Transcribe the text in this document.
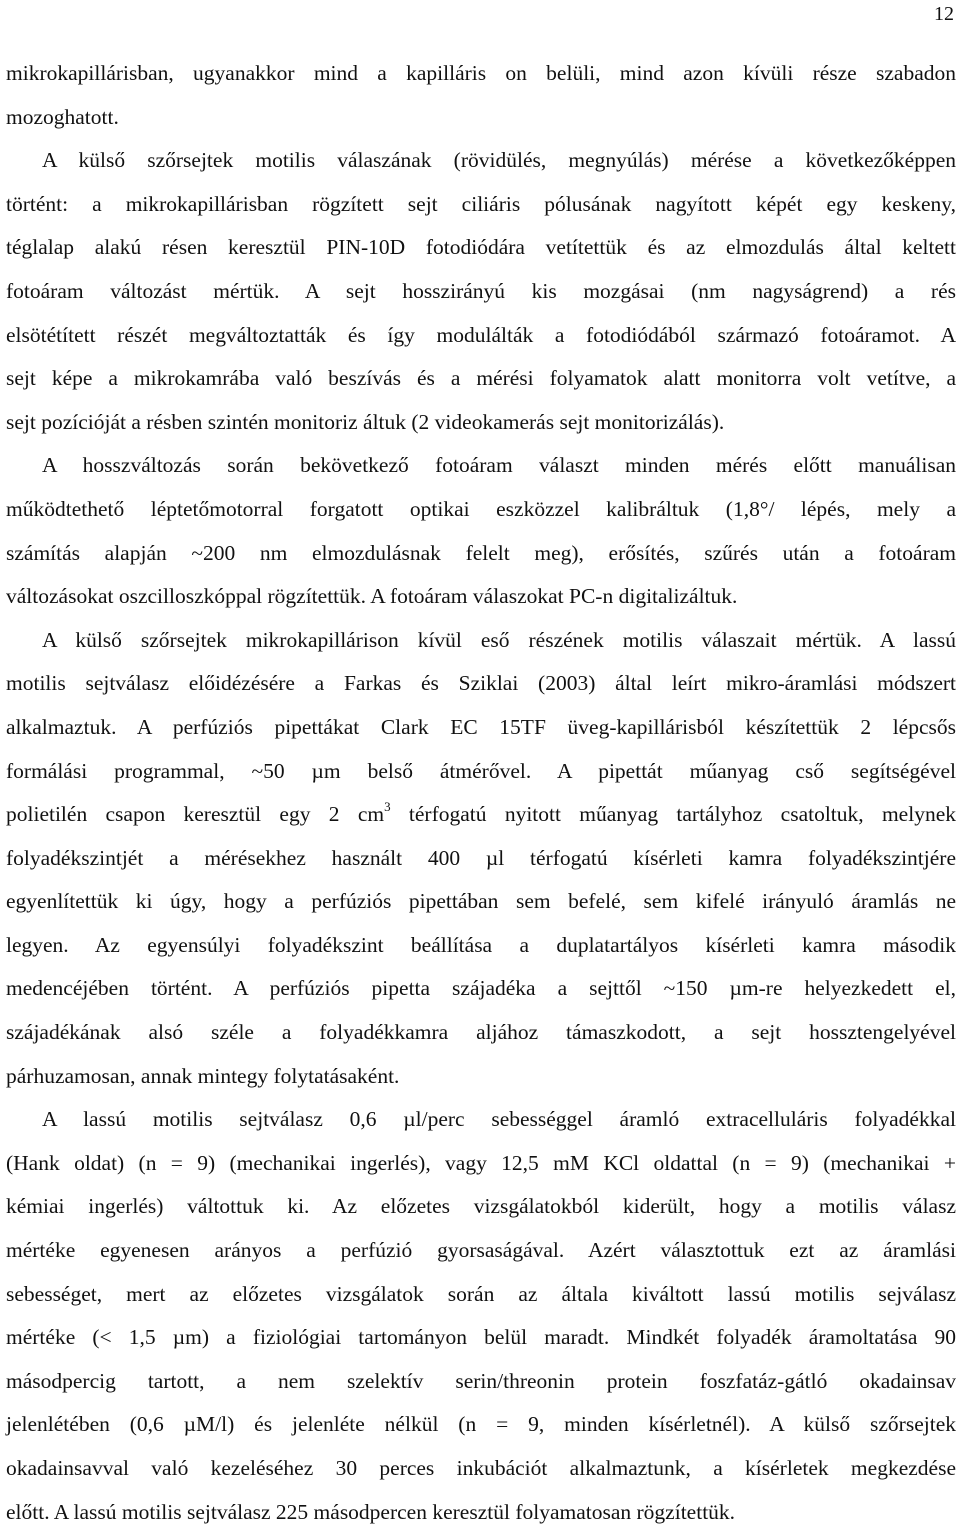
12
mikrokapillárisban, ugyanakkor mind a kapilláris on belüli, mind azon kívüli része szabadon
mozoghatott.
A külső szőrsejtek motilis válaszának (rövidülés, megnyúlás) mérése a következőképpen
történt: a mikrokapillárisban rögzített sejt ciliáris pólusának nagyított képét egy keskeny,
téglalap alakú résen keresztül PIN-10D fotodiódára vetítettük és az elmozdulás által keltett
fotoáram változást mértük. A sejt hosszirányú kis mozgásai (nm nagyságrend) a rés
elsötétített részét megváltoztatták és így modulálták a fotodiódából származó fotoáramot. A
sejt képe a mikrokamrába való beszívás és a mérési folyamatok alatt monitorra volt vetítve, a
sejt pozícióját a résben szintén monitoriz áltuk (2 videokamerás sejt monitorizálás).
A hosszváltozás során bekövetkező fotoáram választ minden mérés előtt manuálisan
működtethető léptetőmotorral forgatott optikai eszközzel kalibráltuk (1,8°/ lépés, mely a
számítás alapján ~200 nm elmozdulásnak felelt meg), erősítés, szűrés után a fotoáram
változásokat oszcilloszkóppal rögzítettük. A fotoáram válaszokat PC-n digitalizáltuk.
A külső szőrsejtek mikrokapillárison kívül eső részének motilis válaszait mértük. A lassú
motilis sejtválasz előidézésére a Farkas és Sziklai (2003) által leírt mikro-áramlási módszert
alkalmaztuk. A perfúziós pipettákat Clark EC 15TF üveg-kapillárisból készítettük 2 lépcsős
formálási programmal, ~50 µm belső átmérővel. A pipettát műanyag cső segítségével
polietilén csapon keresztül egy 2 $cm^3$ térfogatú nyitott műanyag tartályhoz csatoltuk, melynek
folyadékszintjét a mérésekhez használt 400 µl térfogatú kísérleti kamra folyadékszintjére
egyenlítettük ki úgy, hogy a perfúziós pipettában sem befelé, sem kifelé irányuló áramlás ne
legyen. Az egyensúlyi folyadékszint beállítása a duplatartályos kísérleti kamra második
medencéjében történt. A perfúziós pipetta szájadéka a sejttől ~150 µm-re helyezkedett el,
szájadékának alsó széle a folyadékkamra aljához támaszkodott, a sejt hossztengelyével
párhuzamosan, annak mintegy folytatásaként.
A lassú motilis sejtválasz 0,6 µl/perc sebességgel áramló extracelluláris folyadékkal
(Hank oldat) (n = 9) (mechanikai ingerlés), vagy 12,5 mM KCl oldattal (n = 9) (mechanikai +
kémiai ingerlés) váltottuk ki. Az előzetes vizsgálatokból kiderült, hogy a motilis válasz
mértéke egyenesen arányos a perfúzió gyorsaságával. Azért választottuk ezt az áramlási
sebességet, mert az előzetes vizsgálatok során az általa kiváltott lassú motilis sejválasz
mértéke (< 1,5 µm) a fiziológiai tartományon belül maradt. Mindkét folyadék áramoltatása 90
másodpercig tartott, a nem szelektív serin/threonin protein foszfatáz-gátló okadainsav
jelenlétében (0,6 µM/l) és jelenléte nélkül (n = 9, minden kísérletnél). A külső szőrsejtek
okadainsavval való kezeléséhez 30 perces inkubációt alkalmaztunk, a kísérletek megkezdése
előtt. A lassú motilis sejtválasz 225 másodpercen keresztül folyamatosan rögzítettük.
